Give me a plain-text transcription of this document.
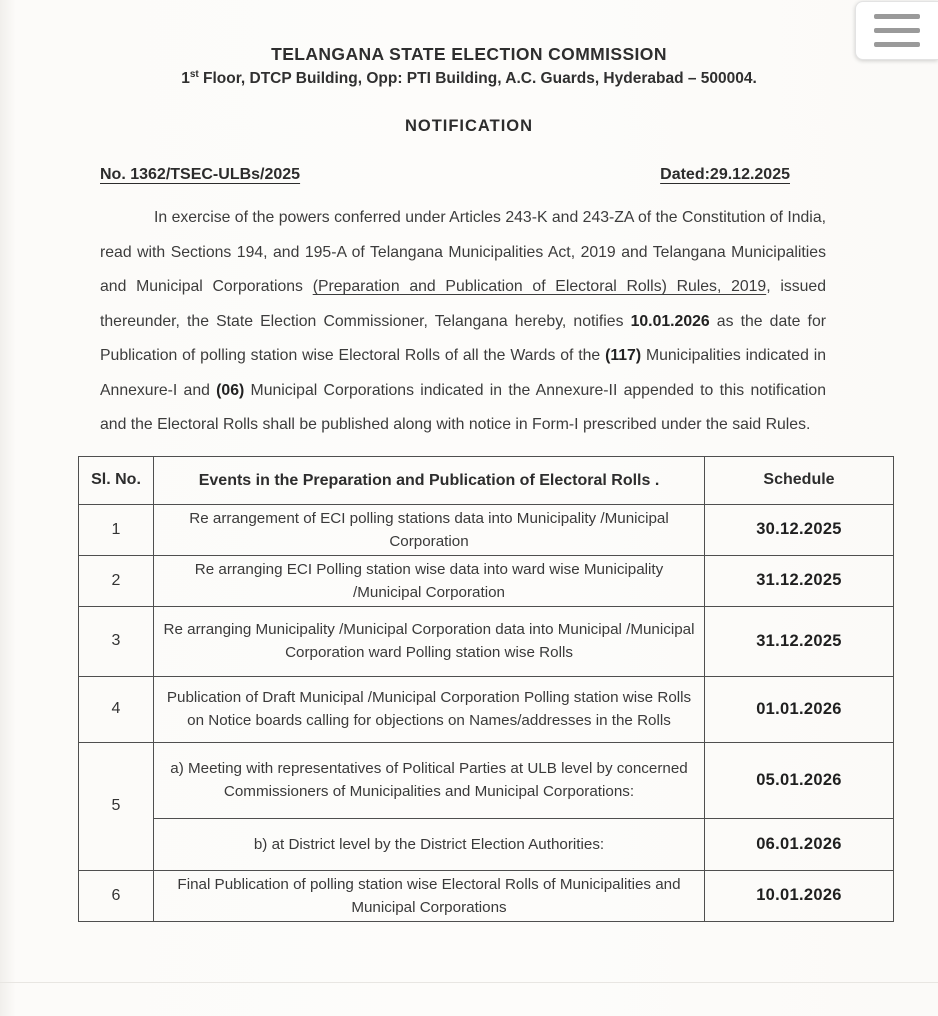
TELANGANA STATE ELECTION COMMISSION
1st Floor, DTCP Building, Opp: PTI Building, A.C. Guards, Hyderabad – 500004.
NOTIFICATION
No. 1362/TSEC-ULBs/2025	Dated:29.12.2025
In exercise of the powers conferred under Articles 243-K and 243-ZA of the Constitution of India, read with Sections 194, and 195-A of Telangana Municipalities Act, 2019 and Telangana Municipalities and Municipal Corporations (Preparation and Publication of Electoral Rolls) Rules, 2019, issued thereunder, the State Election Commissioner, Telangana hereby, notifies 10.01.2026 as the date for Publication of polling station wise Electoral Rolls of all the Wards of the (117) Municipalities indicated in Annexure-I and (06) Municipal Corporations indicated in the Annexure-II appended to this notification and the Electoral Rolls shall be published along with notice in Form-I prescribed under the said Rules.
Sl. No.	Events in the Preparation and Publication of Electoral Rolls .	Schedule
1	Re arrangement of ECI polling stations data into Municipality /Municipal Corporation	30.12.2025
2	Re arranging ECI Polling station wise data into ward wise Municipality /Municipal Corporation	31.12.2025
3	Re arranging Municipality /Municipal Corporation data into Municipal /Municipal Corporation ward Polling station wise Rolls	31.12.2025
4	Publication of Draft Municipal /Municipal Corporation Polling station wise Rolls on Notice boards calling for objections on Names/addresses in the Rolls	01.01.2026
5	a) Meeting with representatives of Political Parties at ULB level by concerned Commissioners of Municipalities and Municipal Corporations:	05.01.2026
	b) at District level by the District Election Authorities:	06.01.2026
6	Final Publication of polling station wise Electoral Rolls of Municipalities and Municipal Corporations	10.01.2026
